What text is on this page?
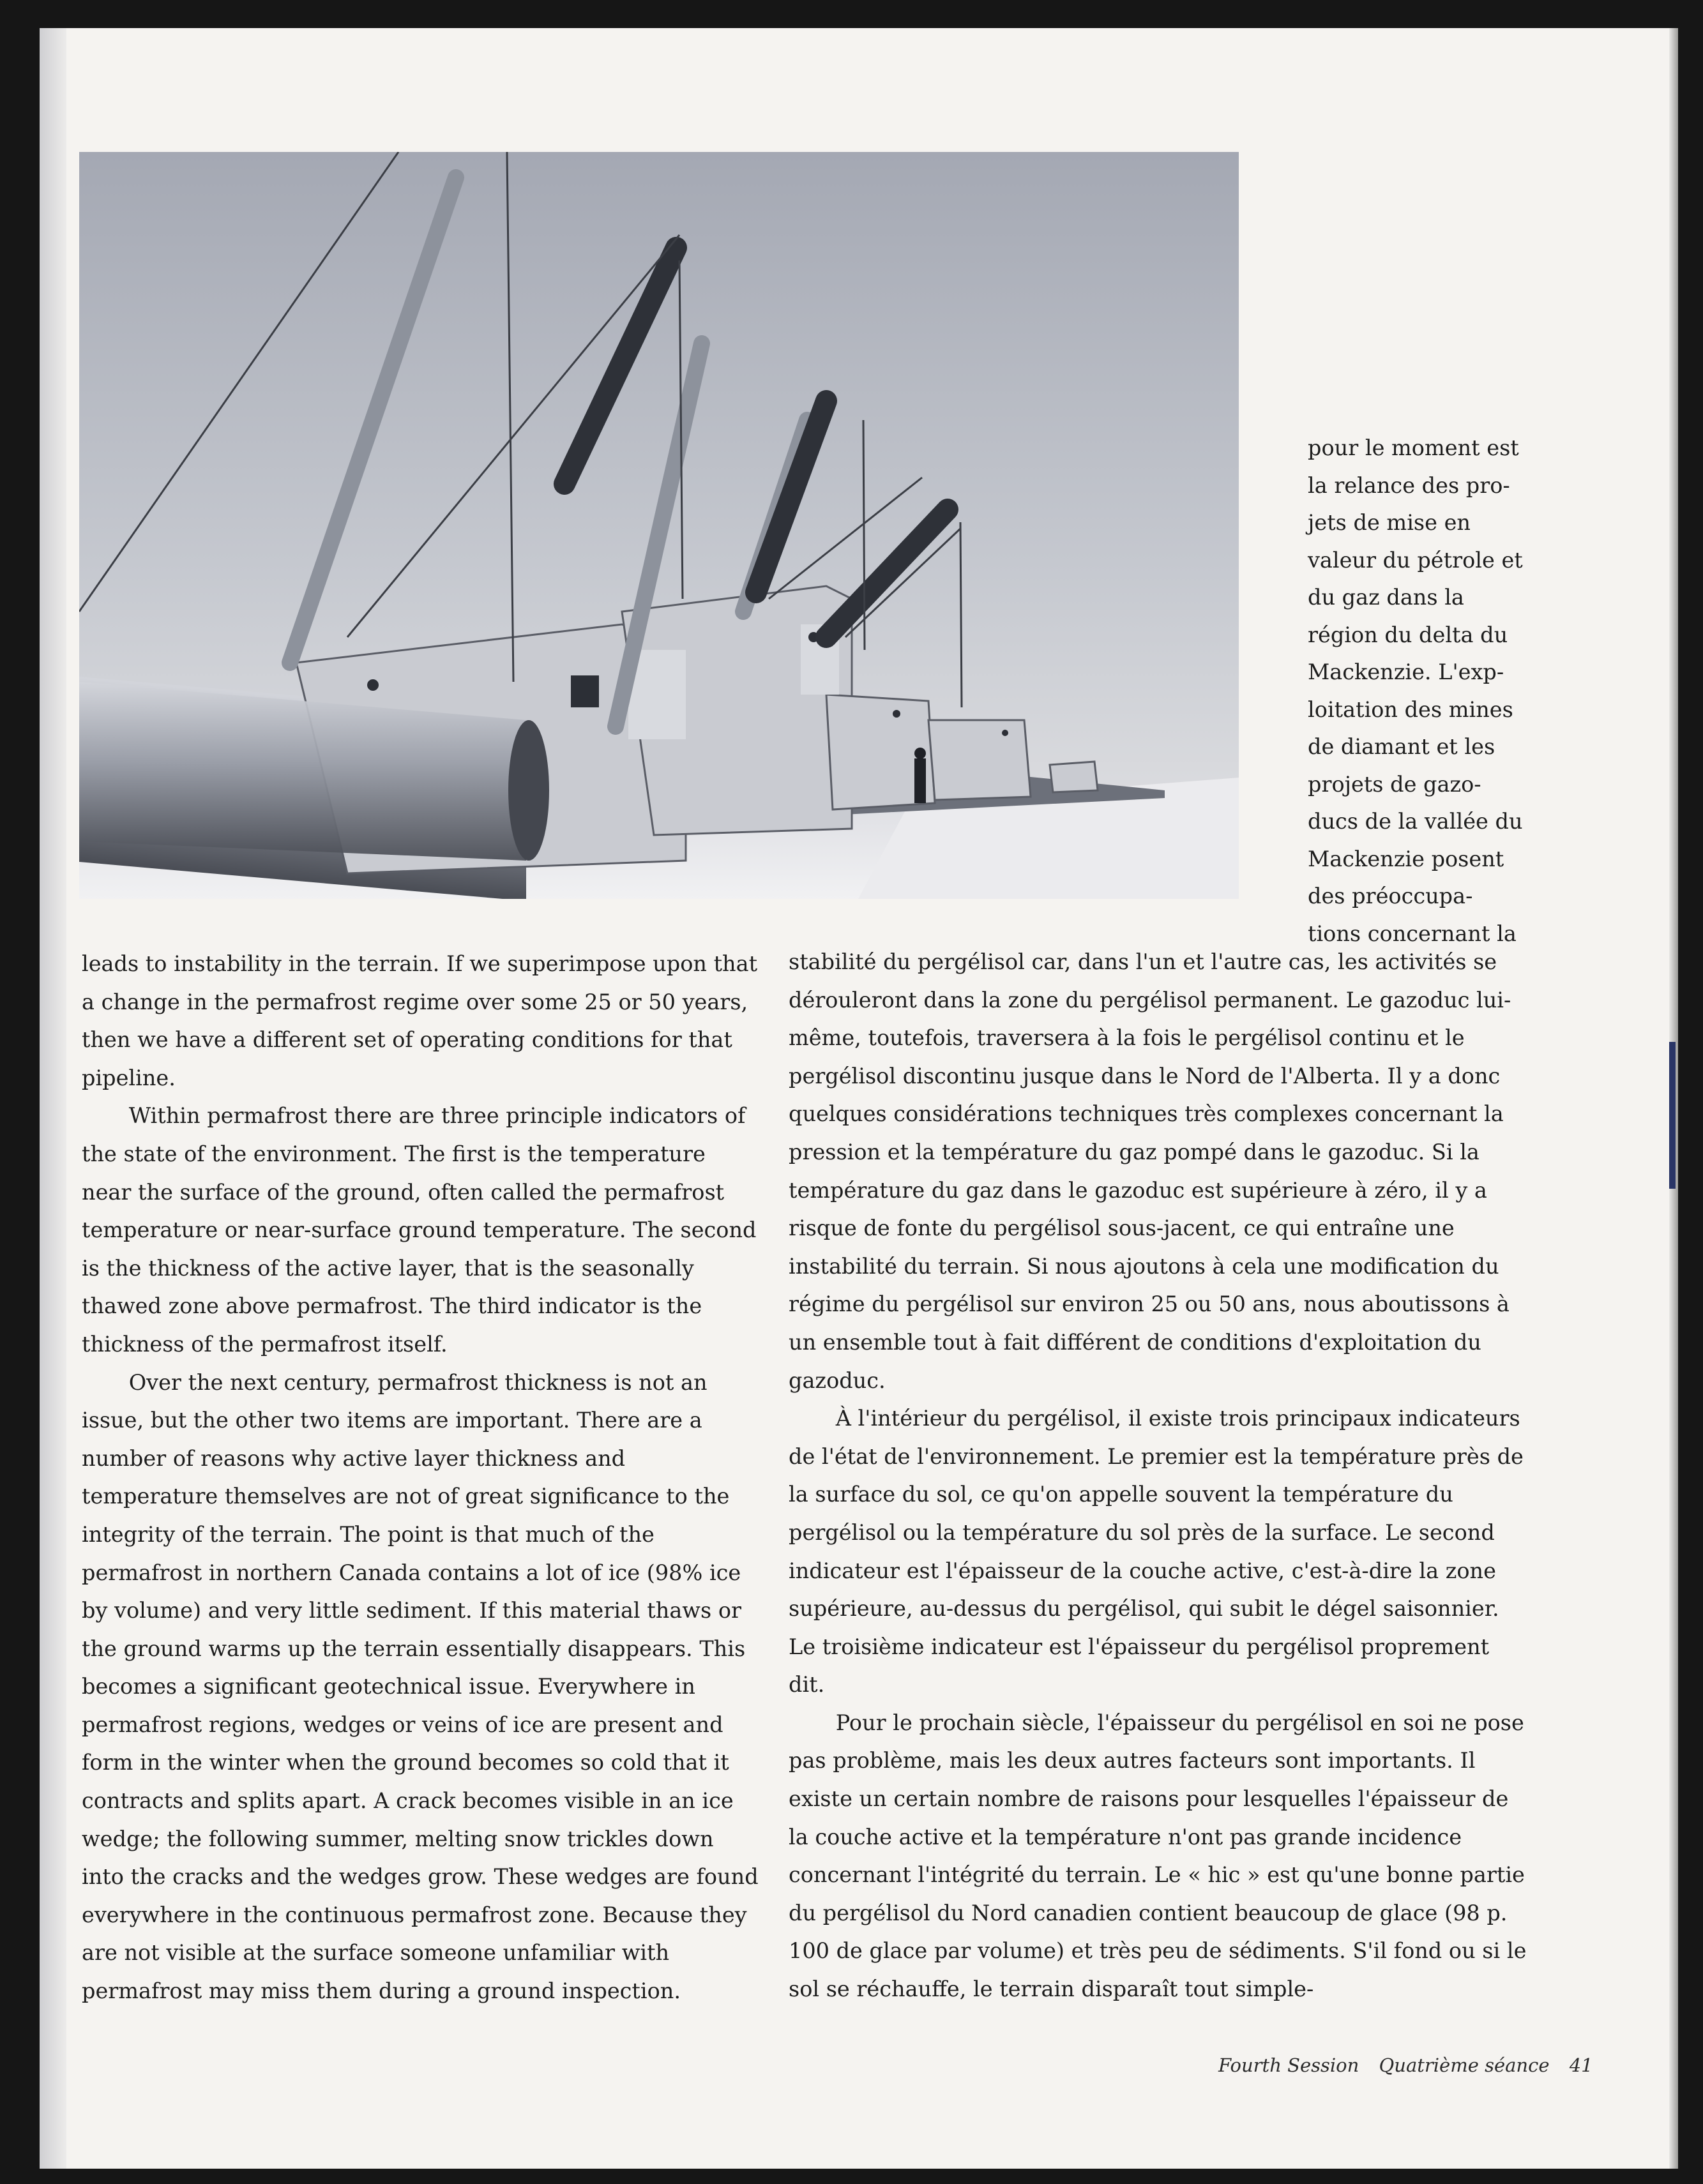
pour le moment est
la relance des pro-
jets de mise en
valeur du pétrole et
du gaz dans la
région du delta du
Mackenzie. L'exp-
loitation des mines
de diamant et les
projets de gazo-
ducs de la vallée du
Mackenzie posent
des préoccupa-
tions concernant la

leads to instability in the terrain. If we superimpose upon that a change in the permafrost regime over some 25 or 50 years, then we have a different set of operating conditions for that pipeline.

Within permafrost there are three principle indicators of the state of the environment. The first is the temperature near the surface of the ground, often called the permafrost temperature or near-surface ground temperature. The second is the thickness of the active layer, that is the seasonally thawed zone above permafrost. The third indicator is the thickness of the permafrost itself.

Over the next century, permafrost thickness is not an issue, but the other two items are important. There are a number of reasons why active layer thickness and temperature themselves are not of great significance to the integrity of the terrain. The point is that much of the permafrost in northern Canada contains a lot of ice (98% ice by volume) and very little sediment. If this material thaws or the ground warms up the terrain essentially disappears. This becomes a significant geotechnical issue. Everywhere in permafrost regions, wedges or veins of ice are present and form in the winter when the ground becomes so cold that it contracts and splits apart. A crack becomes visible in an ice wedge; the following summer, melting snow trickles down into the cracks and the wedges grow. These wedges are found everywhere in the continuous permafrost zone. Because they are not visible at the surface someone unfamiliar with permafrost may miss them during a ground inspection.

stabilité du pergélisol car, dans l'un et l'autre cas, les activités se dérouleront dans la zone du pergélisol permanent. Le gazoduc lui-même, toutefois, traversera à la fois le pergélisol continu et le pergélisol discontinu jusque dans le Nord de l'Alberta. Il y a donc quelques considérations techniques très complexes concernant la pression et la température du gaz pompé dans le gazoduc. Si la température du gaz dans le gazoduc est supérieure à zéro, il y a risque de fonte du pergélisol sous-jacent, ce qui entraîne une instabilité du terrain. Si nous ajoutons à cela une modification du régime du pergélisol sur environ 25 ou 50 ans, nous aboutissons à un ensemble tout à fait différent de conditions d'exploitation du gazoduc.

À l'intérieur du pergélisol, il existe trois principaux indicateurs de l'état de l'environnement. Le premier est la température près de la surface du sol, ce qu'on appelle souvent la température du pergélisol ou la température du sol près de la surface. Le second indicateur est l'épaisseur de la couche active, c'est-à-dire la zone supérieure, au-dessus du pergélisol, qui subit le dégel saisonnier. Le troisième indicateur est l'épaisseur du pergélisol proprement dit.

Pour le prochain siècle, l'épaisseur du pergélisol en soi ne pose pas problème, mais les deux autres facteurs sont importants. Il existe un certain nombre de raisons pour lesquelles l'épaisseur de la couche active et la température n'ont pas grande incidence concernant l'intégrité du terrain. Le « hic » est qu'une bonne partie du pergélisol du Nord canadien contient beaucoup de glace (98 p. 100 de glace par volume) et très peu de sédiments. S'il fond ou si le sol se réchauffe, le terrain disparaît tout simple-

Fourth Session Quatrième séance 41
